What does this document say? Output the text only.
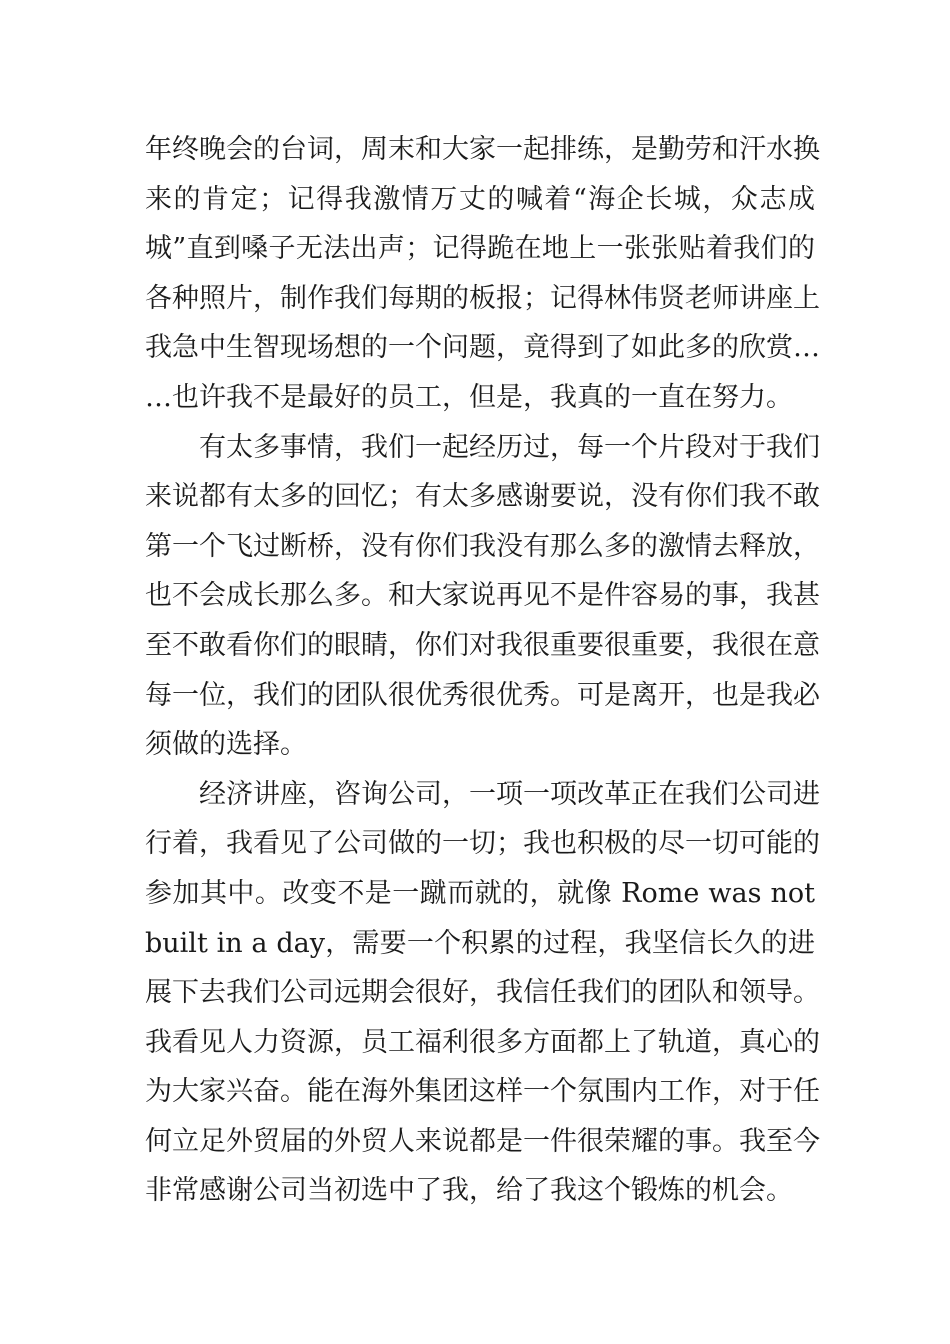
年终晚会的台词，周末和大家一起排练，是勤劳和汗水换
来的肯定；记得我激情万丈的喊着“海企长城，众志成
城”直到嗓子无法出声；记得跪在地上一张张贴着我们的
各种照片，制作我们每期的板报；记得林伟贤老师讲座上
我急中生智现场想的一个问题，竟得到了如此多的欣赏…
…也许我不是最好的员工，但是，我真的一直在努力。
有太多事情，我们一起经历过，每一个片段对于我们
来说都有太多的回忆；有太多感谢要说，没有你们我不敢
第一个飞过断桥，没有你们我没有那么多的激情去释放，
也不会成长那么多。和大家说再见不是件容易的事，我甚
至不敢看你们的眼睛，你们对我很重要很重要，我很在意
每一位，我们的团队很优秀很优秀。可是离开，也是我必
须做的选择。
经济讲座，咨询公司，一项一项改革正在我们公司进
行着，我看见了公司做的一切；我也积极的尽一切可能的
参加其中。改变不是一蹴而就的，就像 Rome was not
built in a day，需要一个积累的过程，我坚信长久的进
展下去我们公司远期会很好，我信任我们的团队和领导。
我看见人力资源，员工福利很多方面都上了轨道，真心的
为大家兴奋。能在海外集团这样一个氛围内工作，对于任
何立足外贸届的外贸人来说都是一件很荣耀的事。我至今
非常感谢公司当初选中了我，给了我这个锻炼的机会。
